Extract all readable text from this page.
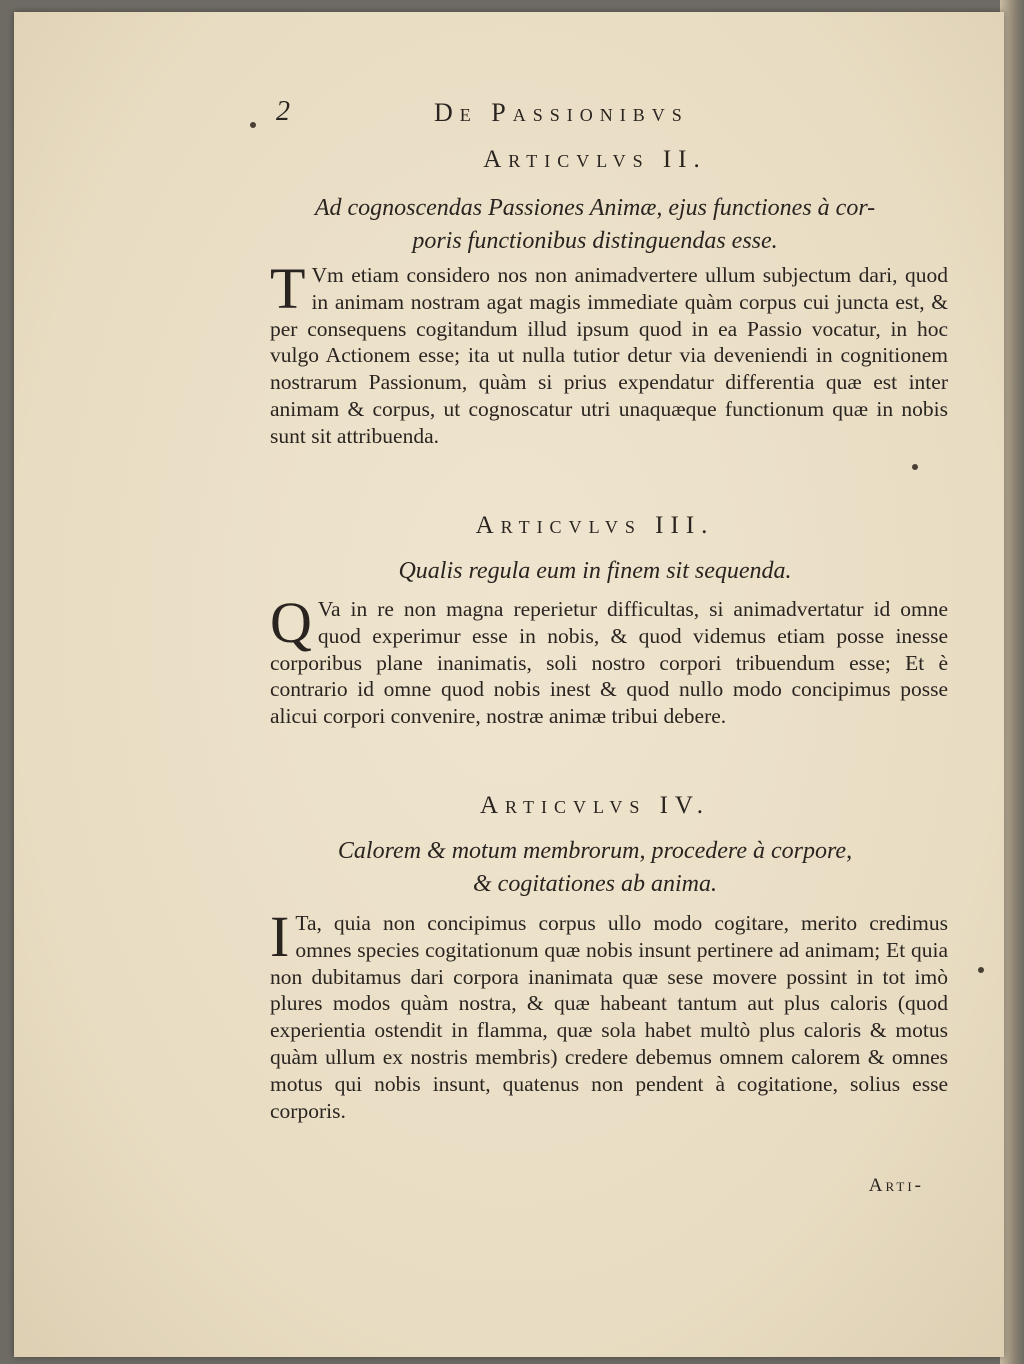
2	De Passionibvs
Articvlvs II.
Ad cognoscendas Passiones Animæ, ejus functiones à cor-
poris functionibus distinguendas esse.
T Vm etiam considero nos non animadvertere ullum subjectum dari, quod in animam nostram agat magis immediate quàm corpus cui juncta est, & per consequens cogitandum illud ipsum quod in ea Passio vocatur, in hoc vulgo Actionem esse; ita ut nulla tutior detur via deveniendi in cognitionem nostrarum Passionum, quàm si prius expendatur differentia quæ est inter animam & corpus, ut cognoscatur utri unaquæque functionum quæ in nobis sunt sit attribuenda.
Articvlvs III.
Qualis regula eum in finem sit sequenda.
Q Va in re non magna reperietur difficultas, si animadvertatur id omne quod experimur esse in nobis, & quod videmus etiam posse inesse corporibus plane inanimatis, soli nostro corpori tribuendum esse; Et è contrario id omne quod nobis inest & quod nullo modo concipimus posse alicui corpori convenire, nostræ animæ tribui debere.
Articvlvs IV.
Calorem & motum membrorum, procedere à corpore,
& cogitationes ab anima.
I Ta, quia non concipimus corpus ullo modo cogitare, merito credimus omnes species cogitationum quæ nobis insunt pertinere ad animam; Et quia non dubitamus dari corpora inanimata quæ sese movere possint in tot imò plures modos quàm nostra, & quæ habeant tantum aut plus caloris (quod experientia ostendit in flamma, quæ sola habet multò plus caloris & motus quàm ullum ex nostris membris) credere debemus omnem calorem & omnes motus qui nobis insunt, quatenus non pendent à cogitatione, solius esse corporis.
Arti-
